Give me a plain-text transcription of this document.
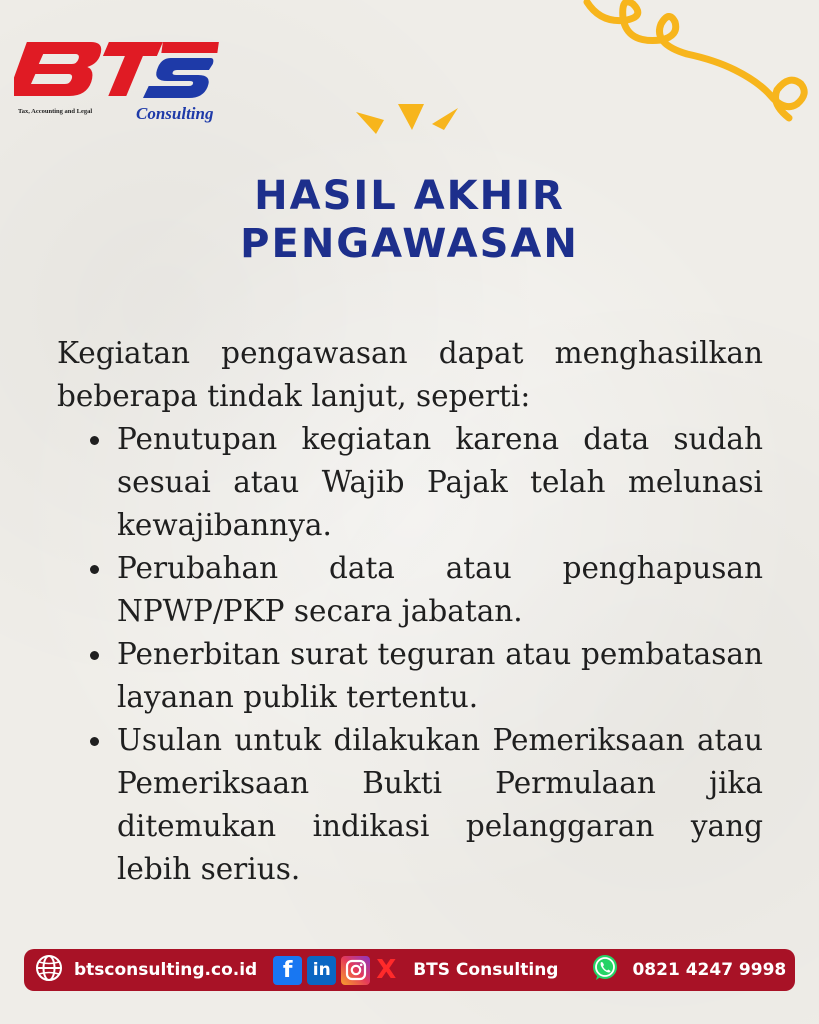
Tax, Accounting and Legal	Consulting
HASIL AKHIR
PENGAWASAN

Kegiatan pengawasan dapat menghasilkan beberapa tindak lanjut, seperti:

Penutupan kegiatan karena data sudah sesuai atau Wajib Pajak telah melunasi kewajibannya.
Perubahan data atau penghapusan NPWP/PKP secara jabatan.
Penerbitan surat teguran atau pembatasan layanan publik tertentu.
Usulan untuk dilakukan Pemeriksaan atau Pemeriksaan Bukti Permulaan jika ditemukan indikasi pelanggaran yang lebih serius.
btsconsulting.co.id	f	in X BTS Consulting	0821 4247 9998
